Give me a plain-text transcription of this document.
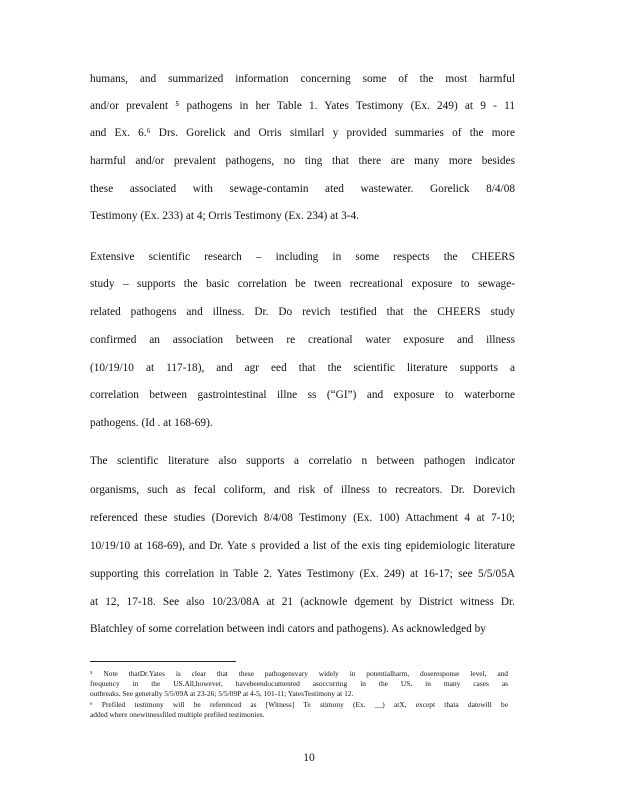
humans, and summarized information concerning some of the most harmful
and/or prevalent ⁵ pathogens in her Table 1. Yates Testimony (Ex. 249) at 9 - 11
and Ex. 6.⁶ Drs. Gorelick and Orris similarl y provided summaries of the more
harmful and/or prevalent pathogens, no ting that there are many more besides
these associated with sewage-contamin ated wastewater. Gorelick 8/4/08
Testimony (Ex. 233) at 4; Orris Testimony (Ex. 234) at 3-4.
Extensive scientific research – including in some respects the CHEERS
study – supports the basic correlation be tween recreational exposure to sewage-
related pathogens and illness. Dr. Do revich testified that the CHEERS study
confirmed an association between re creational water exposure and illness
(10/19/10 at 117-18), and agr eed that the scientific literature supports a
correlation between gastrointestinal illne ss (“GI”) and exposure to waterborne
pathogens. (Id . at 168-69).
The scientific literature also supports a correlatio n between pathogen indicator
organisms, such as fecal coliform, and risk of illness to recreators. Dr. Dorevich
referenced these studies (Dorevich 8/4/08 Testimony (Ex. 100) Attachment 4 at 7-10;
10/19/10 at 168-69), and Dr. Yate s provided a list of the exis ting epidemiologic literature
supporting this correlation in Table 2. Yates Testimony (Ex. 249) at 16-17; see 5/5/05A
at 12, 17-18. See also 10/23/08A at 21 (acknowle dgement by District witness Dr.
Blatchley of some correlation between indi cators and pathogens). As acknowledged by
⁵ Note thatDr.Yates is clear that these pathogensvary widely in potentialharm, doseresponse level, and
frequency in the US.All,however, havebeendocumented asoccurring in the US, in many cases as
outbreaks. See generally 5/5/09A at 23-26; 5/5/09P at 4-5, 101-11; YatesTestimony at 12.
⁶ Prefiled testimony will be referenced as [Witness] Te stimony (Ex. __) atX, except thata datewill be
added where onewitnessfiled multiple prefiled testimonies.
10
